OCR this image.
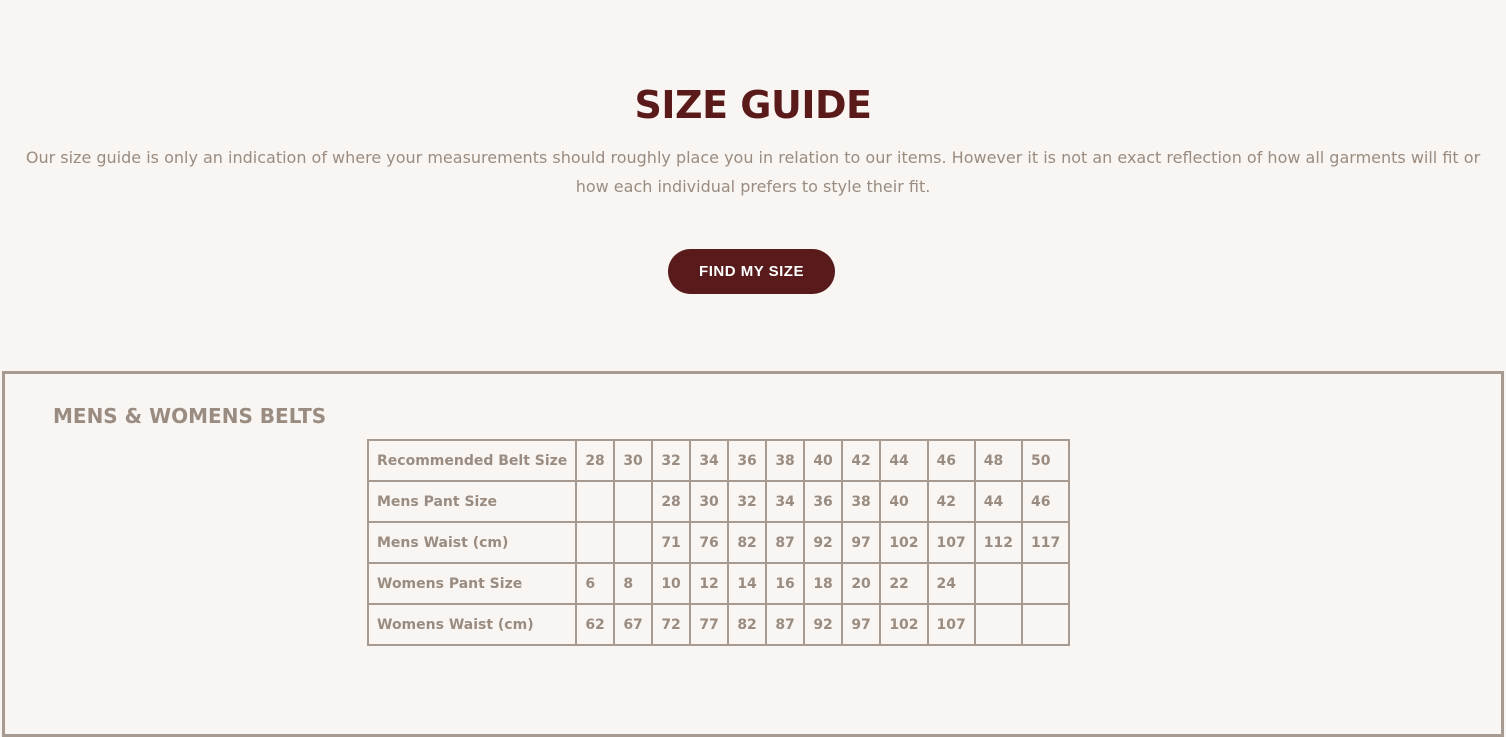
SIZE GUIDE

Our size guide is only an indication of where your measurements should roughly place you in relation to our items. However it is not an exact reflection of how all garments will fit or how each individual prefers to style their fit.

FIND MY SIZE
MENS & WOMENS BELTS
Recommended Belt Size	28	30	32	34	36	38	40	42	44	46	48	50
Mens Pant Size			28	30	32	34	36	38	40	42	44	46
Mens Waist (cm)			71	76	82	87	92	97	102	107	112	117
Womens Pant Size	6	8	10	12	14	16	18	20	22	24		
Womens Waist (cm)	62	67	72	77	82	87	92	97	102	107		
